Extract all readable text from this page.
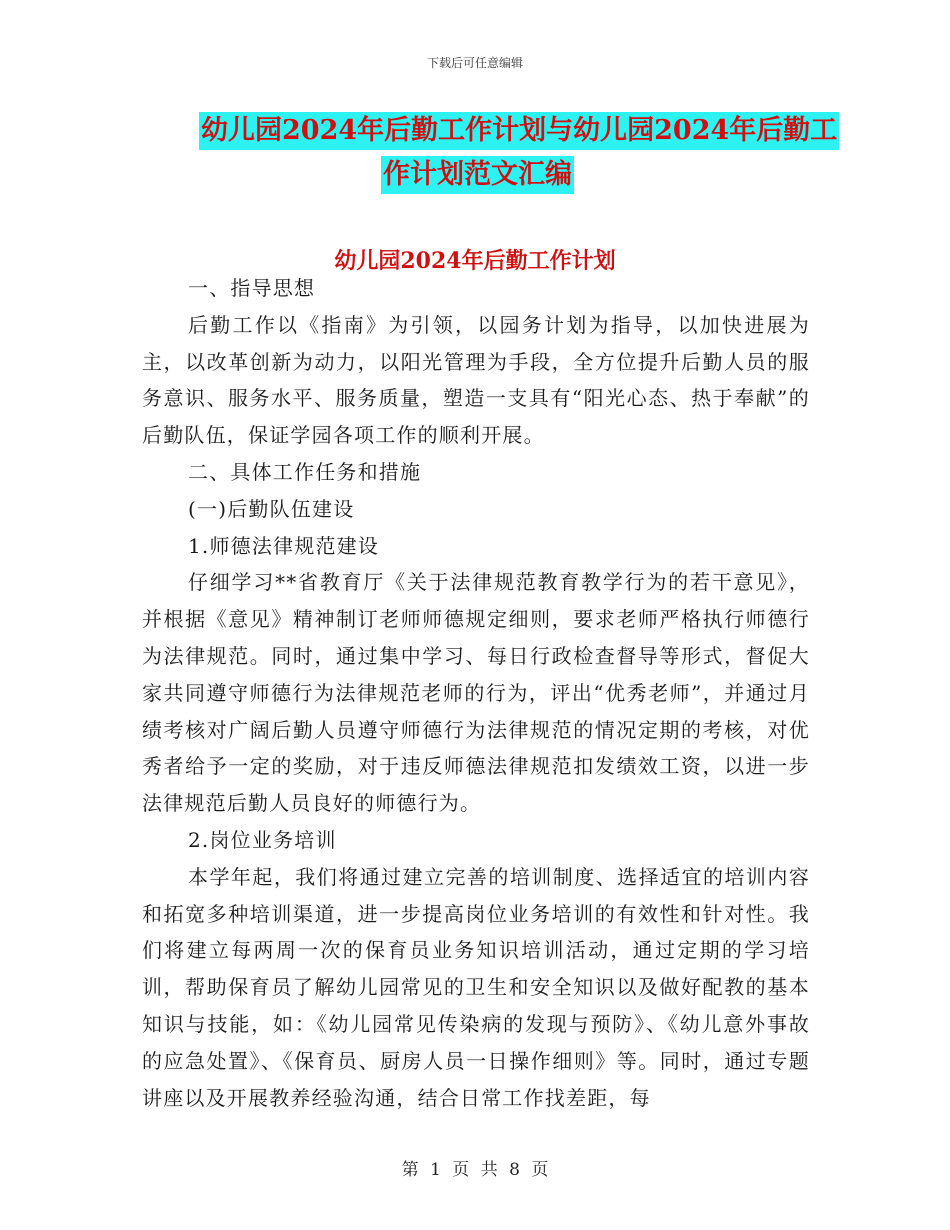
下载后可任意编辑
幼儿园2024年后勤工作计划与幼儿园2024年后勤工
作计划范文汇编
幼儿园2024年后勤工作计划

一、指导思想

后勤工作以《指南》为引领，以园务计划为指导，以加快进展为主，以改革创新为动力，以阳光管理为手段，全方位提升后勤人员的服务意识、服务水平、服务质量，塑造一支具有“阳光心态、热于奉献”的后勤队伍，保证学园各项工作的顺利开展。

二、具体工作任务和措施

(一)后勤队伍建设

1.师德法律规范建设

仔细学习**省教育厅《关于法律规范教育教学行为的若干意见》，并根据《意见》精神制订老师师德规定细则，要求老师严格执行师德行为法律规范。同时，通过集中学习、每日行政检查督导等形式，督促大家共同遵守师德行为法律规范老师的行为，评出“优秀老师”，并通过月绩考核对广阔后勤人员遵守师德行为法律规范的情况定期的考核，对优秀者给予一定的奖励，对于违反师德法律规范扣发绩效工资，以进一步法律规范后勤人员良好的师德行为。

2.岗位业务培训

本学年起，我们将通过建立完善的培训制度、选择适宜的培训内容和拓宽多种培训渠道，进一步提高岗位业务培训的有效性和针对性。我们将建立每两周一次的保育员业务知识培训活动，通过定期的学习培训，帮助保育员了解幼儿园常见的卫生和安全知识以及做好配教的基本知识与技能，如：《幼儿园常见传染病的发现与预防》、《幼儿意外事故的应急处置》、《保育员、厨房人员一日操作细则》等。同时，通过专题讲座以及开展教养经验沟通，结合日常工作找差距，每

第 1 页 共 8 页
